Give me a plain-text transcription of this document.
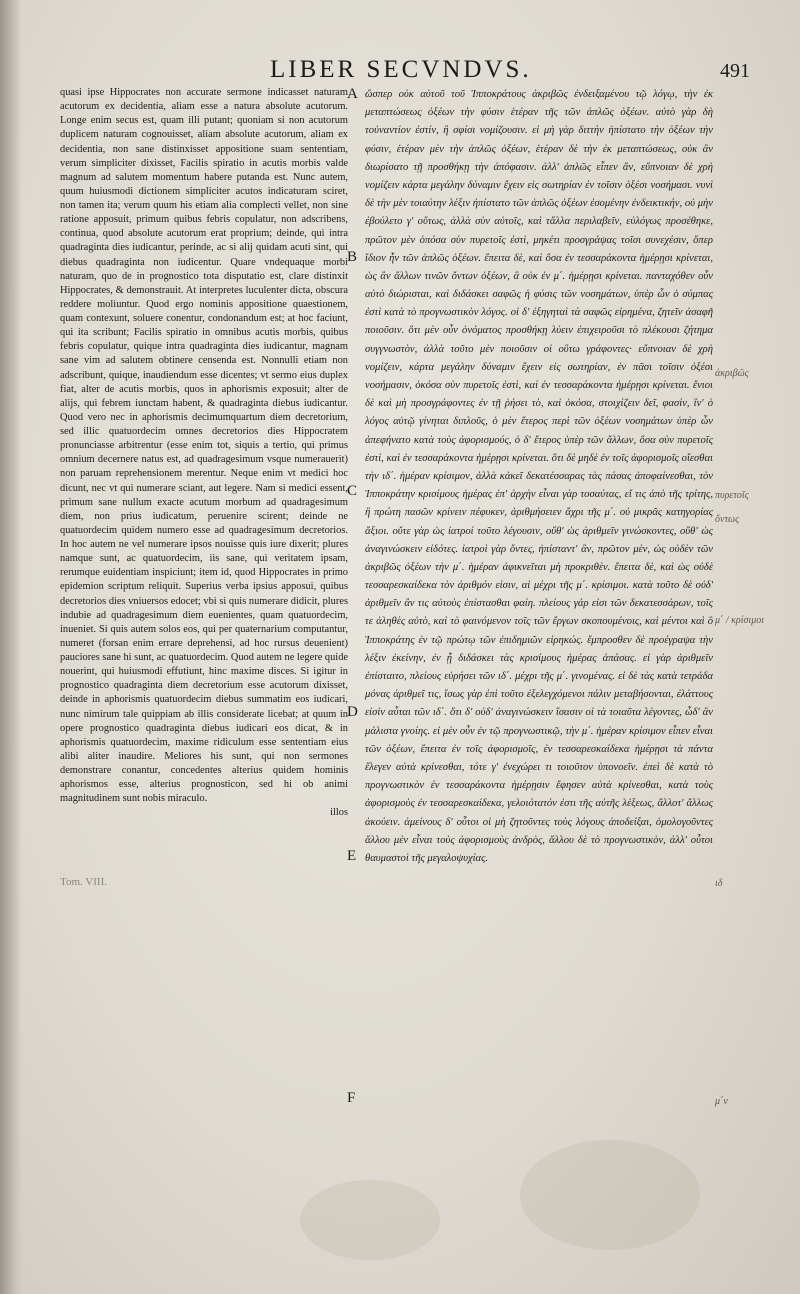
LIBER SECVNDVS.	491

quasi ipse Hippocrates non accurate sermone indicasset naturam acutorum ex decidentia, aliam esse a natura absolute acutorum. Longe enim secus est, quam illi putant; quoniam si non acutorum duplicem naturam cognouisset, aliam absolute acutorum, aliam ex decidentia, non sane distinxisset appositione suam sententiam, verum simpliciter dixisset, Facilis spiratio in acutis morbis valde magnum ad salutem momentum habere putanda est. Nunc autem, quum huiusmodi dictionem simpliciter acutos indicaturam sciret, non tamen ita; verum quum his etiam alia complecti vellet, non sine ratione apposuit, primum quibus febris copulatur, non adscribens, continua, quod absolute acutorum erat proprium; deinde, qui intra quadraginta dies iudicantur, perinde, ac si alij quidam acuti sint, qui diebus quadraginta non iudicentur. Quare vndequaque morbi naturam, quo de in prognostico tota disputatio est, clare distinxit Hippocrates, & demonstrauit. At interpretes luculenter dicta, obscura reddere moliuntur. Quod ergo nominis appositione quaestionem, quam contexunt, soluere conentur, condonandum est; at hoc faciunt, qui ita scribunt; Facilis spiratio in omnibus acutis morbis, quibus febris copulatur, quique intra quadraginta dies iudicantur, magnam sane vim ad salutem obtinere censenda est. Nonnulli etiam non adscribunt, quique, inaudiendum esse dicentes; vt sermo eius duplex fiat, alter de acutis morbis, quos in aphorismis exposuit; alter de alijs, qui febrem iunctam habent, & quadraginta diebus iudicantur. Quod vero nec in aphorismis decimumquartum diem decretorium, sed illic quatuordecim omnes decretorios dies Hippocratem pronunciasse arbitrentur (esse enim tot, siquis a tertio, qui primus omnium decernere natus est, ad quadragesimum vsque numerauerit) non paruam reprehensionem merentur. Neque enim vt medici hoc dicunt, nec vt qui numerare sciant, aut legere. Nam si medici essent, primum sane nullum exacte acutum morbum ad quadragesimum diem, non prius iudicatum, peruenire scirent; deinde ne quatuordecim quidem numero esse ad quadragesimum decretorios. In hoc autem ne vel numerare ipsos nouisse quis iure dixerit; plures namque sunt, ac quatuordecim, iis sane, qui veritatem ipsam, rerumque euidentiam inspiciunt; item id, quod Hippocrates in primo epidemion scriptum reliquit. Superius verba ipsius apposui, quibus decretorios dies vniuersos edocet; vbi si quis numerare didicit, plures indubie ad quadragesimum diem euenientes, quam quatuordecim, inueniet. Si quis autem solos eos, qui per quaternarium computantur, numeret (forsan enim errare deprehensi, ad hoc rursus deuenient) pauciores sane hi sunt, ac quatuordecim. Quod autem ne legere quide nouerint, qui huiusmodi effutiunt, hinc maxime disces. Si igitur in prognostico quadraginta diem decretorium esse acutorum dixisset, deinde in aphorismis quatuordecim diebus summatim eos iudicari, nunc nimirum tale quippiam ab illis considerate licebat; at quum in opere prognostico quadraginta diebus iudicari eos dicat, & in aphorismis quatuordecim, maxime ridiculum esse sententiam eius alibi aliter inaudire. Meliores his sunt, qui non sermones demonstrare conantur, concedentes alterius quidem hominis aphorismos esse, alterius prognosticon, sed hi ob animi magnitudinem sunt nobis miraculo.

illos

A
B
C
D
E
F

ὥσπερ οὐκ αὐτοῦ τοῦ Ἱπποκράτους ἀκριβῶς ἐνδειξαμένου τῷ λόγῳ, τὴν ἐκ μεταπτώσεως ὀξέων τὴν φύσιν ἑτέραν τῆς τῶν ἁπλῶς ὀξέων. αὐτὸ γὰρ δὴ τοὐναντίον ἐστίν, ἢ σφίσι νομίζουσιν. εἰ μὴ γὰρ διττὴν ἠπίστατο τὴν ὀξέων τὴν φύσιν, ἑτέραν μὲν τὴν ἁπλῶς ὀξέων, ἑτέραν δὲ τὴν ἐκ μεταπτώσεως, οὐκ ἂν διωρίσατο τῇ προσθήκῃ τὴν ἀπόφασιν. ἀλλ' ἁπλῶς εἶπεν ἄν, εὔπνοιαν δὲ χρὴ νομίζειν κάρτα μεγάλην δύναμιν ἔχειν εἰς σωτηρίαν ἐν τοῖσιν ὀξέσι νοσήμασι. νυνὶ δὲ τὴν μὲν τοιαύτην λέξιν ἠπίστατο τῶν ἁπλῶς ὀξέων ἐσομένην ἐνδεικτικήν, οὐ μὴν ἐβούλετο γ' οὕτως, ἀλλὰ σὺν αὐτοῖς, καὶ τἄλλα περιλαβεῖν, εὐλόγως προσέθηκε, πρῶτον μὲν ὁπόσα σὺν πυρετοῖς ἐστὶ, μηκέτι προσγράψας τοῖσι συνεχέσιν, ὅπερ ἴδιον ἦν τῶν ἁπλῶς ὀξέων. ἔπειτα δὲ, καὶ ὅσα ἐν τεσσαράκοντα ἡμέρῃσι κρίνεται, ὡς ἂν ἄλλων τινῶν ὄντων ὀξέων, ἃ οὐκ ἐν μ΄. ἡμέρῃσι κρίνεται. πανταχόθεν οὖν αὐτὸ διώρισται, καὶ διδάσκει σαφῶς ἡ φύσις τῶν νοσημάτων, ὑπὲρ ὧν ὁ σύμπας ἐστὶ κατὰ τὸ προγνωστικὸν λόγος. οἱ δ' ἐξηγηταὶ τὰ σαφῶς εἰρημένα, ζητεῖν ἀσαφῆ ποιοῦσιν. ὅτι μὲν οὖν ὀνόματος προσθήκῃ λύειν ἐπιχειροῦσι τὸ πλέκουσι ζήτημα συγγνωστὸν, ἀλλὰ τοῦτο μὲν ποιοῦσιν οἱ οὕτω γράφοντες· εὔπνοιαν δὲ χρὴ νομίζειν, κάρτα μεγάλην δύναμιν ἔχειν εἰς σωτηρίαν, ἐν πᾶσι τοῖσιν ὀξέσι νοσήμασιν, ὁκόσα σὺν πυρετοῖς ἐστὶ, καὶ ἐν τεσσαράκοντα ἡμέρῃσι κρίνεται. ἔνιοι δὲ καὶ μὴ προσγράφοντες ἐν τῇ ῥήσει τὸ, καὶ ὁκόσα, στοιχίζειν δεῖ, φασὶν, ἵν' ὁ λόγος αὐτῷ γίνηται διπλοῦς, ὁ μὲν ἕτερος περὶ τῶν ὀξέων νοσημάτων ὑπὲρ ὧν ἀπεφήνατο κατὰ τοὺς ἀφορισμούς, ὁ δ' ἕτερος ὑπὲρ τῶν ἄλλων, ὅσα σὺν πυρετοῖς ἐστὶ, καὶ ἐν τεσσαράκοντα ἡμέρῃσι κρίνεται. ὅτι δὲ μηδὲ ἐν τοῖς ἀφορισμοῖς οἴεσθαι τὴν ιδ΄. ἡμέραν κρίσιμον, ἀλλὰ κἀκεῖ δεκατέσσαρας τὰς πάσας ἀποφαίνεσθαι, τὸν Ἱπποκράτην κρισίμους ἡμέρας ἐπ' ἀρχὴν εἶναι γὰρ τοσαύτας, εἴ τις ἀπὸ τῆς τρίτης, ἣ πρώτη πασῶν κρίνειν πέφυκεν, ἀριθμήσειεν ἄχρι τῆς μ΄. οὐ μικρᾶς κατηγορίας ἄξιοι. οὔτε γὰρ ὡς ἰατροί τοῦτο λέγουσιν, οὔθ' ὡς ἀριθμεῖν γινώσκοντες, οὔθ' ὡς ἀναγινώσκειν εἰδότες. ἰατροὶ γὰρ ὄντες, ἠπίσταντ' ἂν, πρῶτον μὲν, ὡς οὐδὲν τῶν ἀκριβῶς ὀξέων τὴν μ΄. ἡμέραν ἀφικνεῖται μὴ προκριθὲν. ἔπειτα δὲ, καὶ ὡς οὐδὲ τεσσαρεσκαίδεκα τὸν ἀριθμόν εἰσιν, αἱ μέχρι τῆς μ΄. κρίσιμοι. κατὰ τοῦτο δὲ οὐδ' ἀριθμεῖν ἂν τις αὐτοὺς ἐπίστασθαι φαίη. πλείους γάρ εἰσι τῶν δεκατεσσάρων, τοῖς τε ἀληθὲς αὐτὸ, καὶ τὸ φαινόμενον τοῖς τῶν ἔργων σκοπουμένοις, καὶ μέντοι καὶ ὃ Ἱπποκράτης ἐν τῷ πρώτῳ τῶν ἐπιδημιῶν εἰρηκώς. ἔμπροσθεν δὲ προέγραψα τὴν λέξιν ἐκείνην, ἐν ᾗ διδάσκει τὰς κρισίμους ἡμέρας ἁπάσας. εἰ γὰρ ἀριθμεῖν ἐπίσταιτο, πλείους εὑρήσει τῶν ιδ΄. μέχρι τῆς μ΄. γινομένας. εἰ δὲ τὰς κατὰ τετράδα μόνας ἀριθμεῖ τις, ἴσως γὰρ ἐπὶ τοῦτο ἐξελεγχόμενοι πάλιν μεταβήσονται, ἐλάττους εἰσὶν αὗται τῶν ιδ΄. ὅτι δ' οὐδ' ἀναγινώσκειν ἴσασιν οἱ τὰ τοιαῦτα λέγοντες, ὧδ' ἂν μάλιστα γνοίης. εἰ μὲν οὖν ἐν τῷ προγνωστικῷ, τὴν μ΄. ἡμέραν κρίσιμον εἶπεν εἶναι τῶν ὀξέων, ἔπειτα ἐν τοῖς ἀφορισμοῖς, ἐν τεσσαρεσκαίδεκα ἡμέρῃσι τὰ πάντα ἔλεγεν αὐτὰ κρίνεσθαι, τότε γ' ἐνεχώρει τι τοιοῦτον ὑπονοεῖν. ἐπεὶ δὲ κατὰ τὸ προγνωστικὸν ἐν τεσσαράκοντα ἡμέρῃσιν ἔφησεν αὐτὰ κρίνεσθαι, κατὰ τοὺς ἀφορισμοὺς ἐν τεσσαρεσκαίδεκα, γελοιότατόν ἐστι τῆς αὐτῆς λέξεως, ἄλλοτ' ἄλλως ἀκούειν. ἀμείνους δ' οὗτοι οἱ μὴ ζητοῦντες τοὺς λόγους ἀποδείξαι, ὁμολογοῦντες ἄλλου μὲν εἶναι τοὺς ἀφορισμοὺς ἀνδρὸς, ἄλλου δὲ τὸ προγνωστικὸν, ἀλλ' οὗτοι θαυμαστοὶ τῆς μεγαλοψυχίας.

ἀκριβῶς
πυρετοῖς
ὄντως
μ΄ / κρίσιμοι
ιδ
μ΄ν
Tom. VIII.
